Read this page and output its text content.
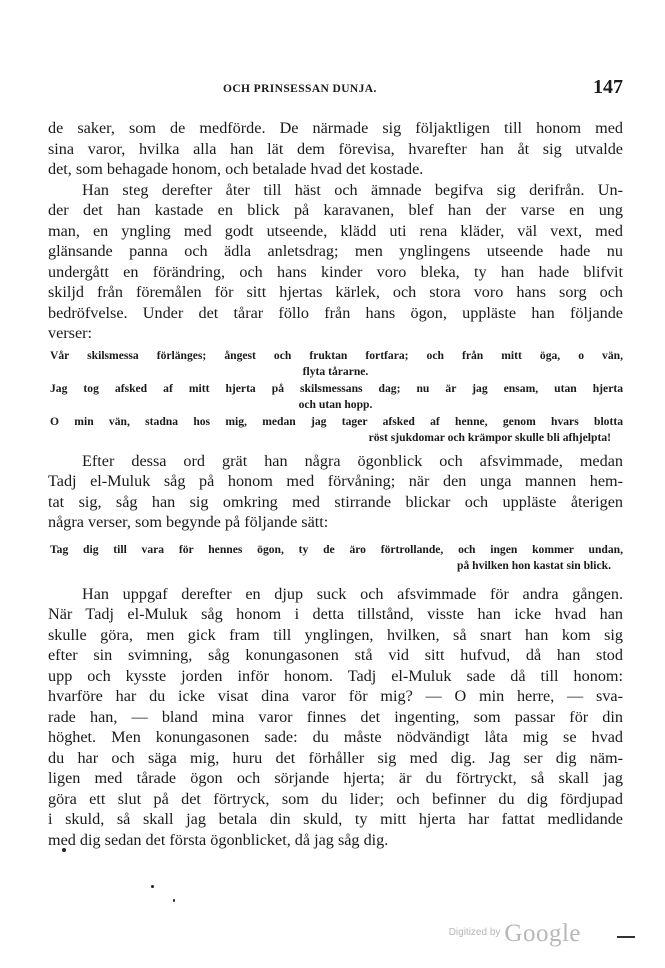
OCH PRINSESSAN DUNJA.	147
de saker, som de medförde. De närmade sig följaktligen till honom med
sina varor, hvilka alla han lät dem förevisa, hvarefter han åt sig utvalde
det, som behagade honom, och betalade hvad det kostade.
Han steg derefter åter till häst och ämnade begifva sig derifrån. Un-
der det han kastade en blick på karavanen, blef han der varse en ung
man, en yngling med godt utseende, klädd uti rena kläder, väl vext, med
glänsande panna och ädla anletsdrag; men ynglingens utseende hade nu
undergått en förändring, och hans kinder voro bleka, ty han hade blifvit
skiljd från föremålen för sitt hjertas kärlek, och stora voro hans sorg och
bedröfvelse. Under det tårar föllo från hans ögon, uppläste han följande
verser:
Vår skilsmessa förlänges; ångest och fruktan fortfara; och från mitt öga, o vän,
flyta tårarne.
Jag tog afsked af mitt hjerta på skilsmessans dag; nu är jag ensam, utan hjerta
och utan hopp.
O min vän, stadna hos mig, medan jag tager afsked af henne, genom hvars blotta
röst sjukdomar och krämpor skulle bli afhjelpta!
Efter dessa ord grät han några ögonblick och afsvimmade, medan
Tadj el-Muluk såg på honom med förvåning; när den unga mannen hem-
tat sig, såg han sig omkring med stirrande blickar och uppläste återigen
några verser, som begynde på följande sätt:
Tag dig till vara för hennes ögon, ty de äro förtrollande, och ingen kommer undan,
på hvilken hon kastat sin blick.
Han uppgaf derefter en djup suck och afsvimmade för andra gången.
När Tadj el-Muluk såg honom i detta tillstånd, visste han icke hvad han
skulle göra, men gick fram till ynglingen, hvilken, så snart han kom sig
efter sin svimning, såg konungasonen stå vid sitt hufvud, då han stod
upp och kysste jorden inför honom. Tadj el-Muluk sade då till honom:
hvarföre har du icke visat dina varor för mig? — O min herre, — sva-
rade han, — bland mina varor finnes det ingenting, som passar för din
höghet. Men konungasonen sade: du måste nödvändigt låta mig se hvad
du har och säga mig, huru det förhåller sig med dig. Jag ser dig näm-
ligen med tårade ögon och sörjande hjerta; är du förtryckt, så skall jag
göra ett slut på det förtryck, som du lider; och befinner du dig fördjupad
i skuld, så skall jag betala din skuld, ty mitt hjerta har fattat medlidande
med dig sedan det första ögonblicket, då jag såg dig.
$^{Digitized by}$ Google
